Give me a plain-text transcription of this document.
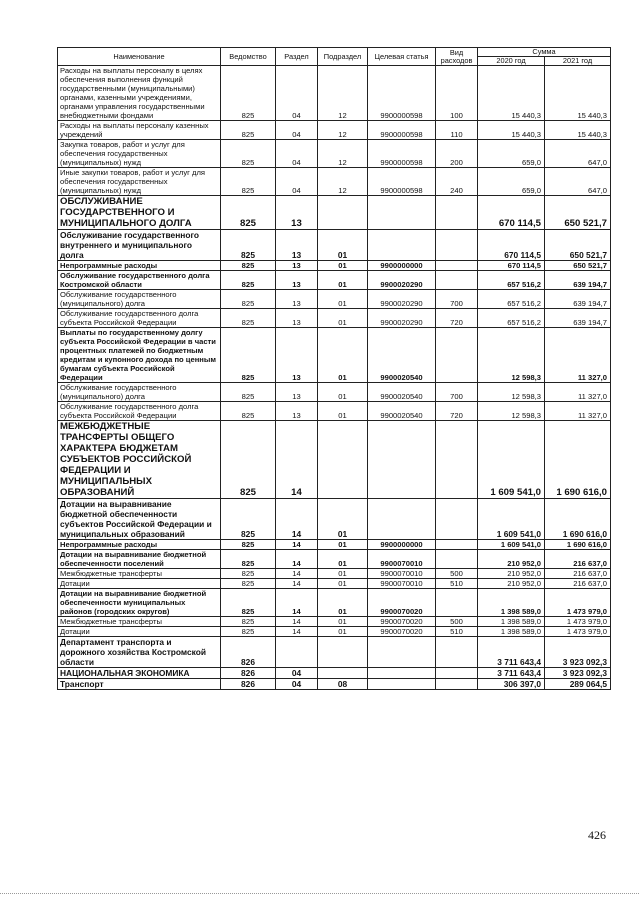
Наименование	Ведомство	Раздел	Подраздел	Целевая статья	Вид расходов	Сумма	
						2020 год	2021 год
Расходы на выплаты персоналу в целях обеспечения выполнения функций государственными (муниципальными) органами, казенными учреждениями, органами управления государственными внебюджетными фондами	825	04	12	9900000598	100	15 440,3	15 440,3
Расходы на выплаты персоналу казенных учреждений	825	04	12	9900000598	110	15 440,3	15 440,3
Закупка товаров, работ и услуг для обеспечения государственных (муниципальных) нужд	825	04	12	9900000598	200	659,0	647,0
Иные закупки товаров, работ и услуг для обеспечения государственных (муниципальных) нужд	825	04	12	9900000598	240	659,0	647,0
ОБСЛУЖИВАНИЕ ГОСУДАРСТВЕННОГО И МУНИЦИПАЛЬНОГО ДОЛГА	825	13				670 114,5	650 521,7
Обслуживание государственного внутреннего и муниципального долга	825	13	01			670 114,5	650 521,7
Непрограммные расходы	825	13	01	9900000000		670 114,5	650 521,7
Обслуживание государственного долга Костромской области	825	13	01	9900020290		657 516,2	639 194,7
Обслуживание государственного (муниципального) долга	825	13	01	9900020290	700	657 516,2	639 194,7
Обслуживание государственного долга субъекта Российской Федерации	825	13	01	9900020290	720	657 516,2	639 194,7
Выплаты по государственному долгу субъекта Российской Федерации в части процентных платежей по бюджетным кредитам и купонного дохода по ценным бумагам субъекта Российской Федерации	825	13	01	9900020540		12 598,3	11 327,0
Обслуживание государственного (муниципального) долга	825	13	01	9900020540	700	12 598,3	11 327,0
Обслуживание государственного долга субъекта Российской Федерации	825	13	01	9900020540	720	12 598,3	11 327,0
МЕЖБЮДЖЕТНЫЕ ТРАНСФЕРТЫ ОБЩЕГО ХАРАКТЕРА БЮДЖЕТАМ СУБЪЕКТОВ РОССИЙСКОЙ ФЕДЕРАЦИИ И МУНИЦИПАЛЬНЫХ ОБРАЗОВАНИЙ	825	14				1 609 541,0	1 690 616,0
Дотации на выравнивание бюджетной обеспеченности субъектов Российской Федерации и муниципальных образований	825	14	01			1 609 541,0	1 690 616,0
Непрограммные расходы	825	14	01	9900000000		1 609 541,0	1 690 616,0
Дотации на выравнивание бюджетной обеспеченности поселений	825	14	01	9900070010		210 952,0	216 637,0
Межбюджетные трансферты	825	14	01	9900070010	500	210 952,0	216 637,0
Дотации	825	14	01	9900070010	510	210 952,0	216 637,0
Дотации на выравнивание бюджетной обеспеченности муниципальных районов (городских округов)	825	14	01	9900070020		1 398 589,0	1 473 979,0
Межбюджетные трансферты	825	14	01	9900070020	500	1 398 589,0	1 473 979,0
Дотации	825	14	01	9900070020	510	1 398 589,0	1 473 979,0
Департамент транспорта и дорожного хозяйства Костромской области	826					3 711 643,4	3 923 092,3
НАЦИОНАЛЬНАЯ ЭКОНОМИКА	826	04				3 711 643,4	3 923 092,3
Транспорт	826	04	08			306 397,0	289 064,5
426
